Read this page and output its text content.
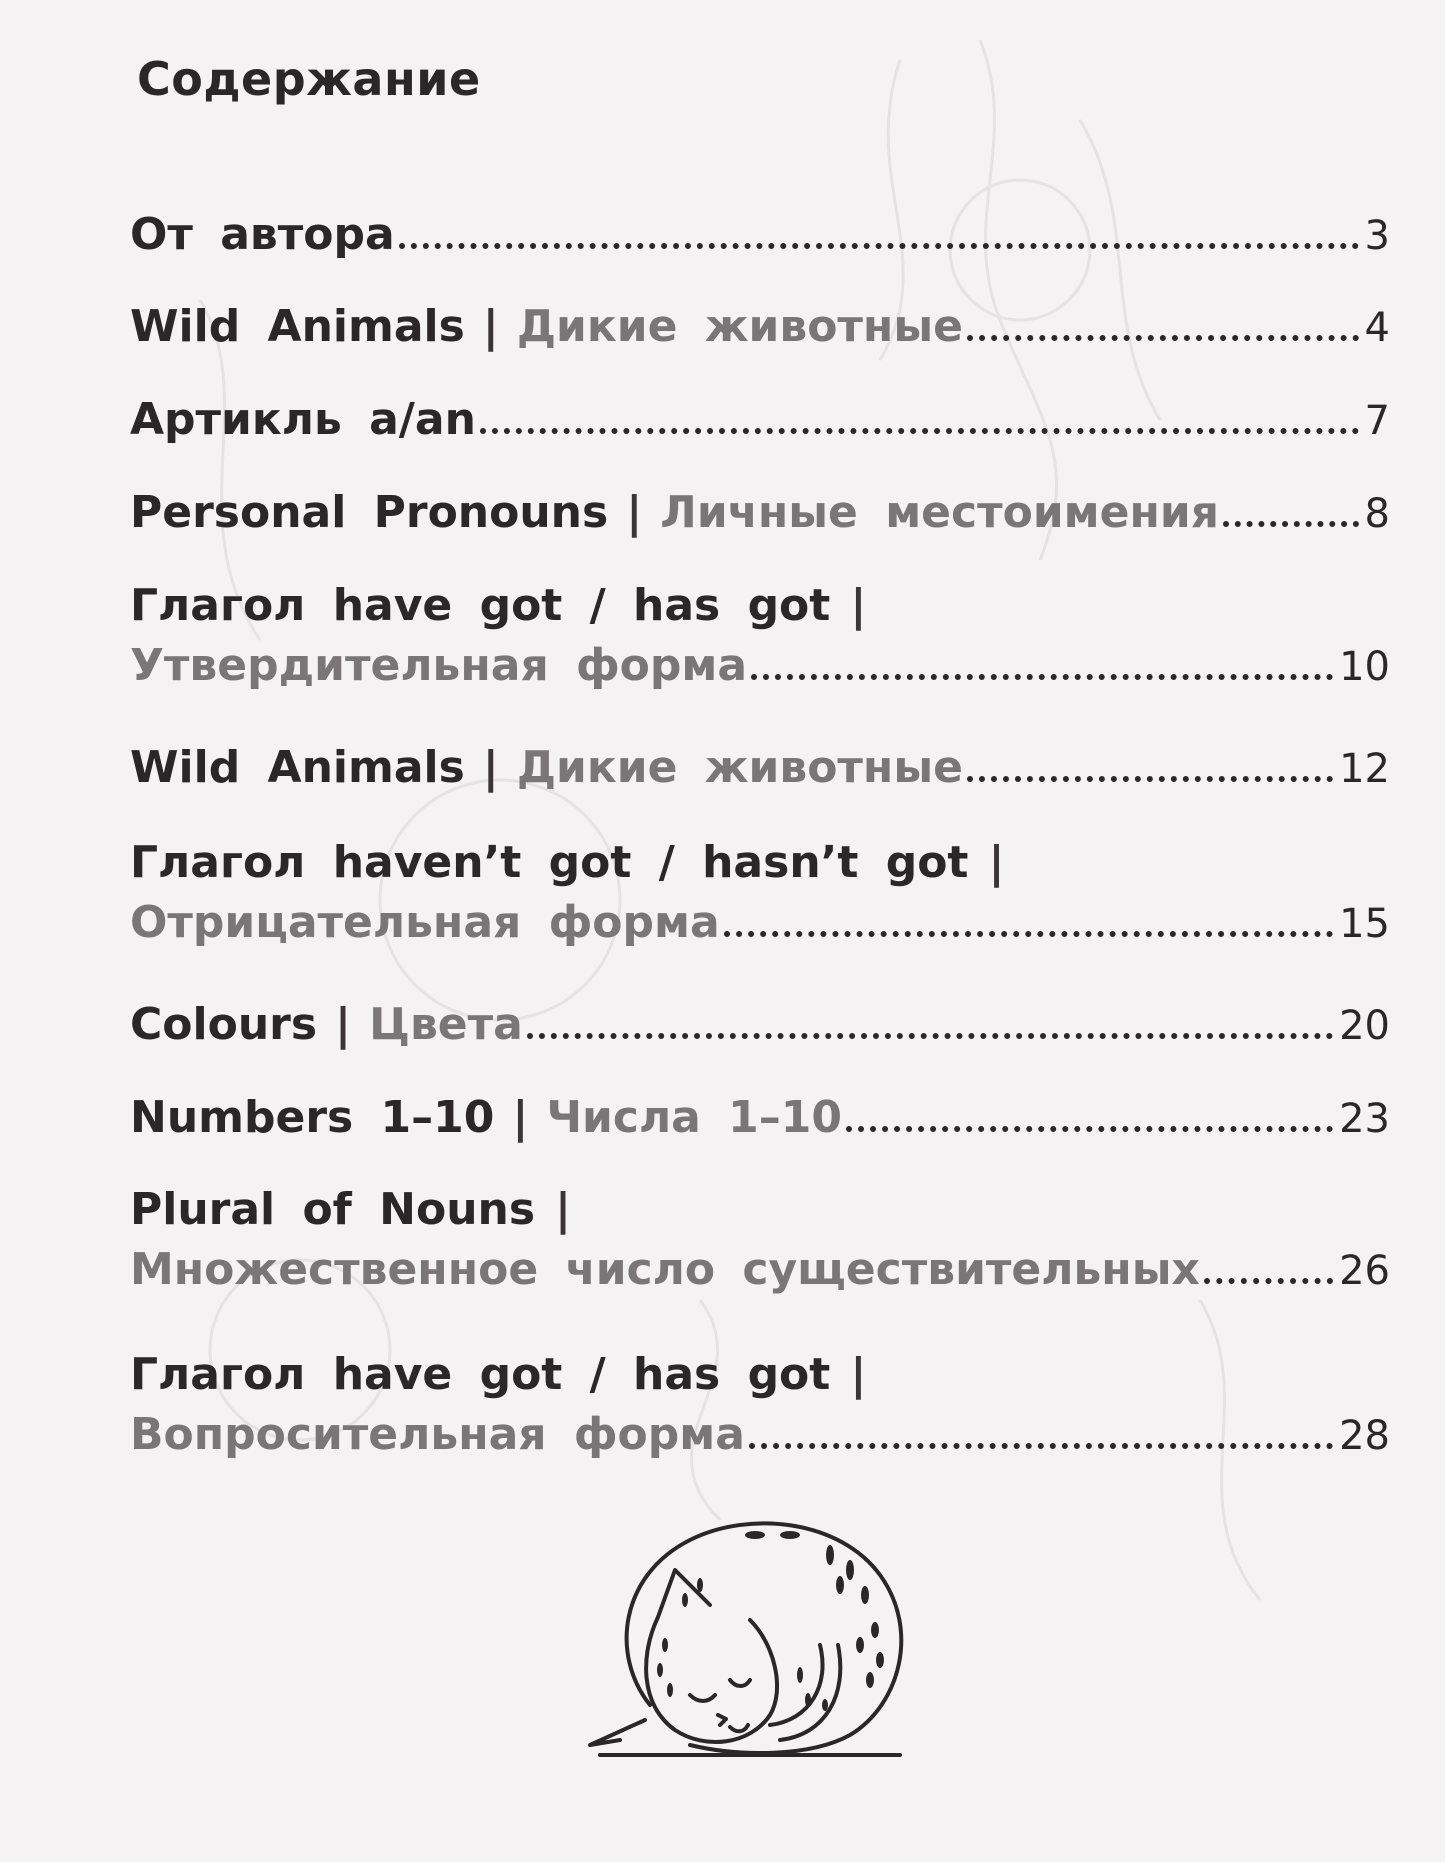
Содержание
От автора	3
Wild Animals | Дикие животные	4
Артикль a/an	7
Personal Pronouns | Личные местоимения	8
Глагол have got / has got |
Утвердительная форма	10
Wild Animals | Дикие животные	12
Глагол haven’t got / hasn’t got |
Отрицательная форма	15
Colours | Цвета	20
Numbers 1–10 | Числа 1–10	23
Plural of Nouns |
Множественное число существительных	26
Глагол have got / has got |
Вопросительная форма	28
